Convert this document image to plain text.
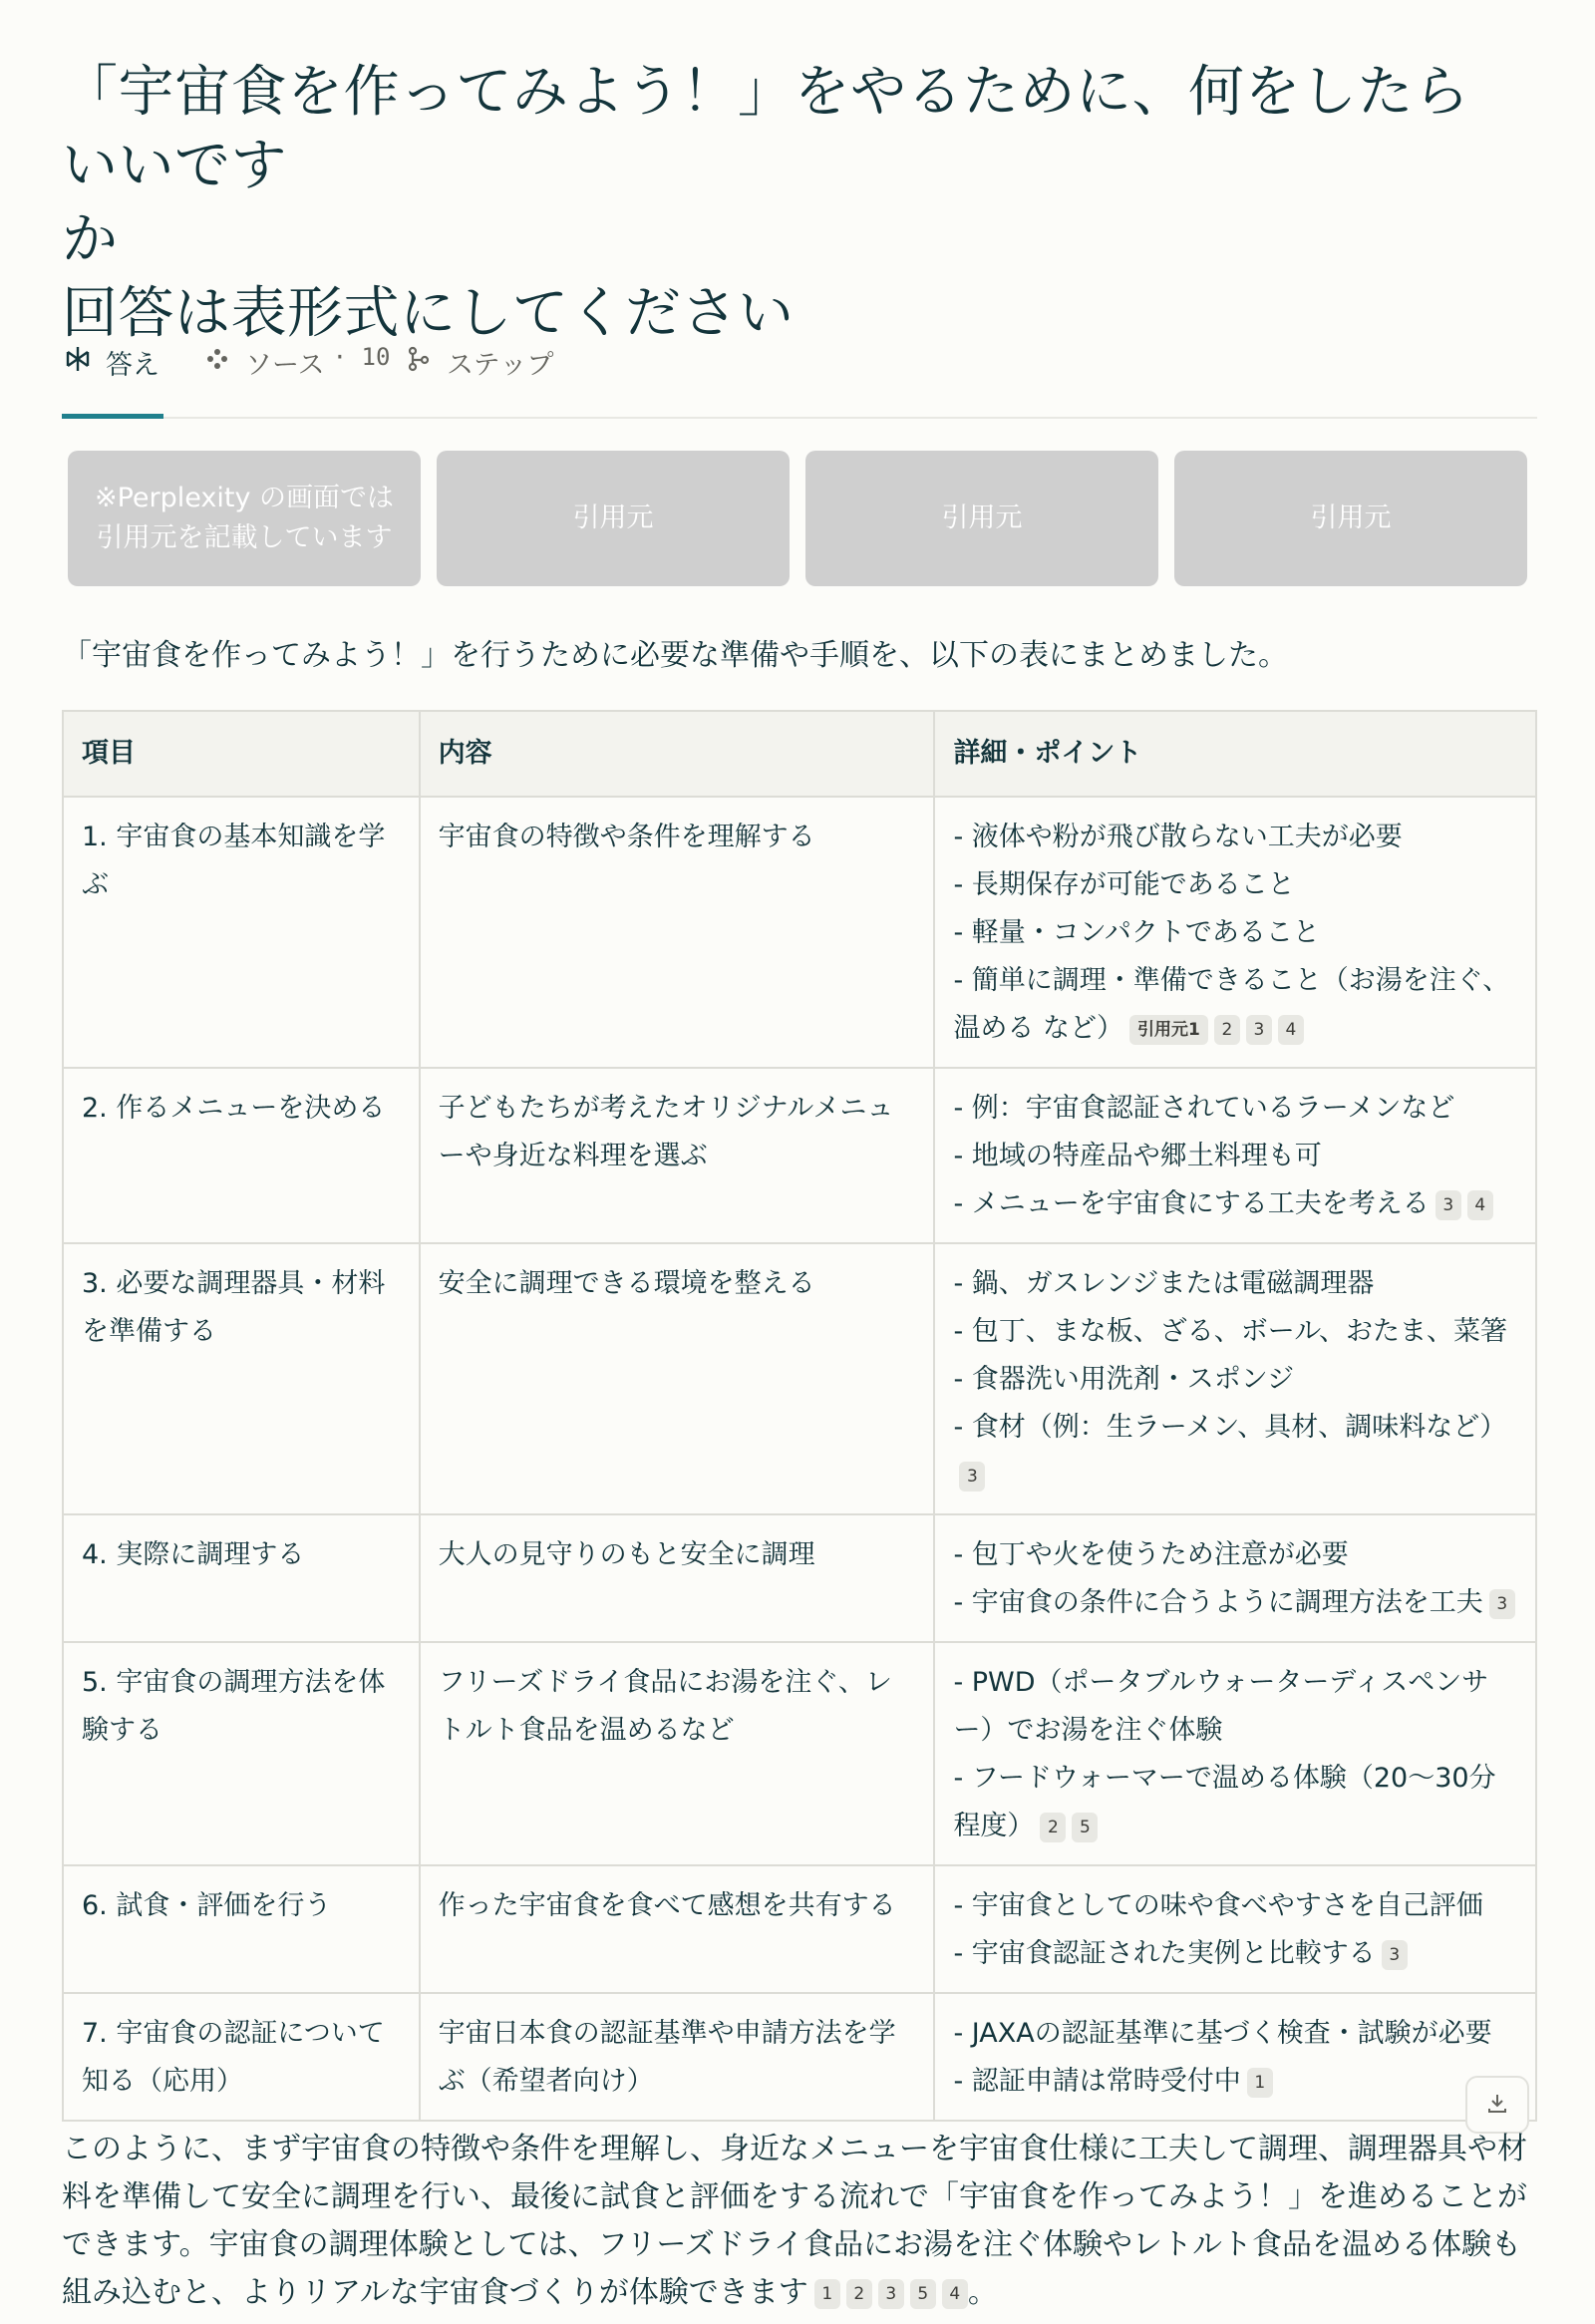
「宇宙食を作ってみよう！」をやるために、何をしたらいいです
か
回答は表形式にしてください
答え	ソース · 10 ステップ
※Perplexity の画面では
引用元を記載しています
引用元	引用元	引用元
「宇宙食を作ってみよう！」を行うために必要な準備や手順を、以下の表にまとめました。
項目	内容	詳細・ポイント
1. 宇宙食の基本知識を学ぶ	宇宙食の特徴や条件を理解する	- 液体や粉が飛び散らない工夫が必要
- 長期保存が可能であること
- 軽量・コンパクトであること
- 簡単に調理・準備できること（お湯を注ぐ、温める など） 引用元1 2 3 4

2. 作るメニューを決める	子どもたちが考えたオリジナルメニューや身近な料理を選ぶ	- 例：宇宙食認証されているラーメンなど
- 地域の特産品や郷土料理も可
- メニューを宇宙食にする工夫を考える 3 4

3. 必要な調理器具・材料を準備する	安全に調理できる環境を整える	- 鍋、ガスレンジまたは電磁調理器
- 包丁、まな板、ざる、ボール、おたま、菜箸
- 食器洗い用洗剤・スポンジ
- 食材（例：生ラーメン、具材、調味料など）3

4. 実際に調理する	大人の見守りのもと安全に調理	- 包丁や火を使うため注意が必要
- 宇宙食の条件に合うように調理方法を工夫 3

5. 宇宙食の調理方法を体験する	フリーズドライ食品にお湯を注ぐ、レトルト食品を温めるなど	- PWD（ポータブルウォーターディスペンサー）でお湯を注ぐ体験
- フードウォーマーで温める体験（20〜30分程度） 2 5

6. 試食・評価を行う	作った宇宙食を食べて感想を共有する	- 宇宙食としての味や食べやすさを自己評価
- 宇宙食認証された実例と比較する 3

7. 宇宙食の認証について知る（応用）	宇宙日本食の認証基準や申請方法を学ぶ（希望者向け）	- JAXAの認証基準に基づく検査・試験が必要
- 認証申請は常時受付中 1
このように、まず宇宙食の特徴や条件を理解し、身近なメニューを宇宙食仕様に工夫して調理、調理器具や材料を準備して安全に調理を行い、最後に試食と評価をする流れで「宇宙食を作ってみよう！」を進めることができます。宇宙食の調理体験としては、フリーズドライ食品にお湯を注ぐ体験やレトルト食品を温める体験も組み込むと、よりリアルな宇宙食づくりが体験できます 1 2 3 5 4 。
